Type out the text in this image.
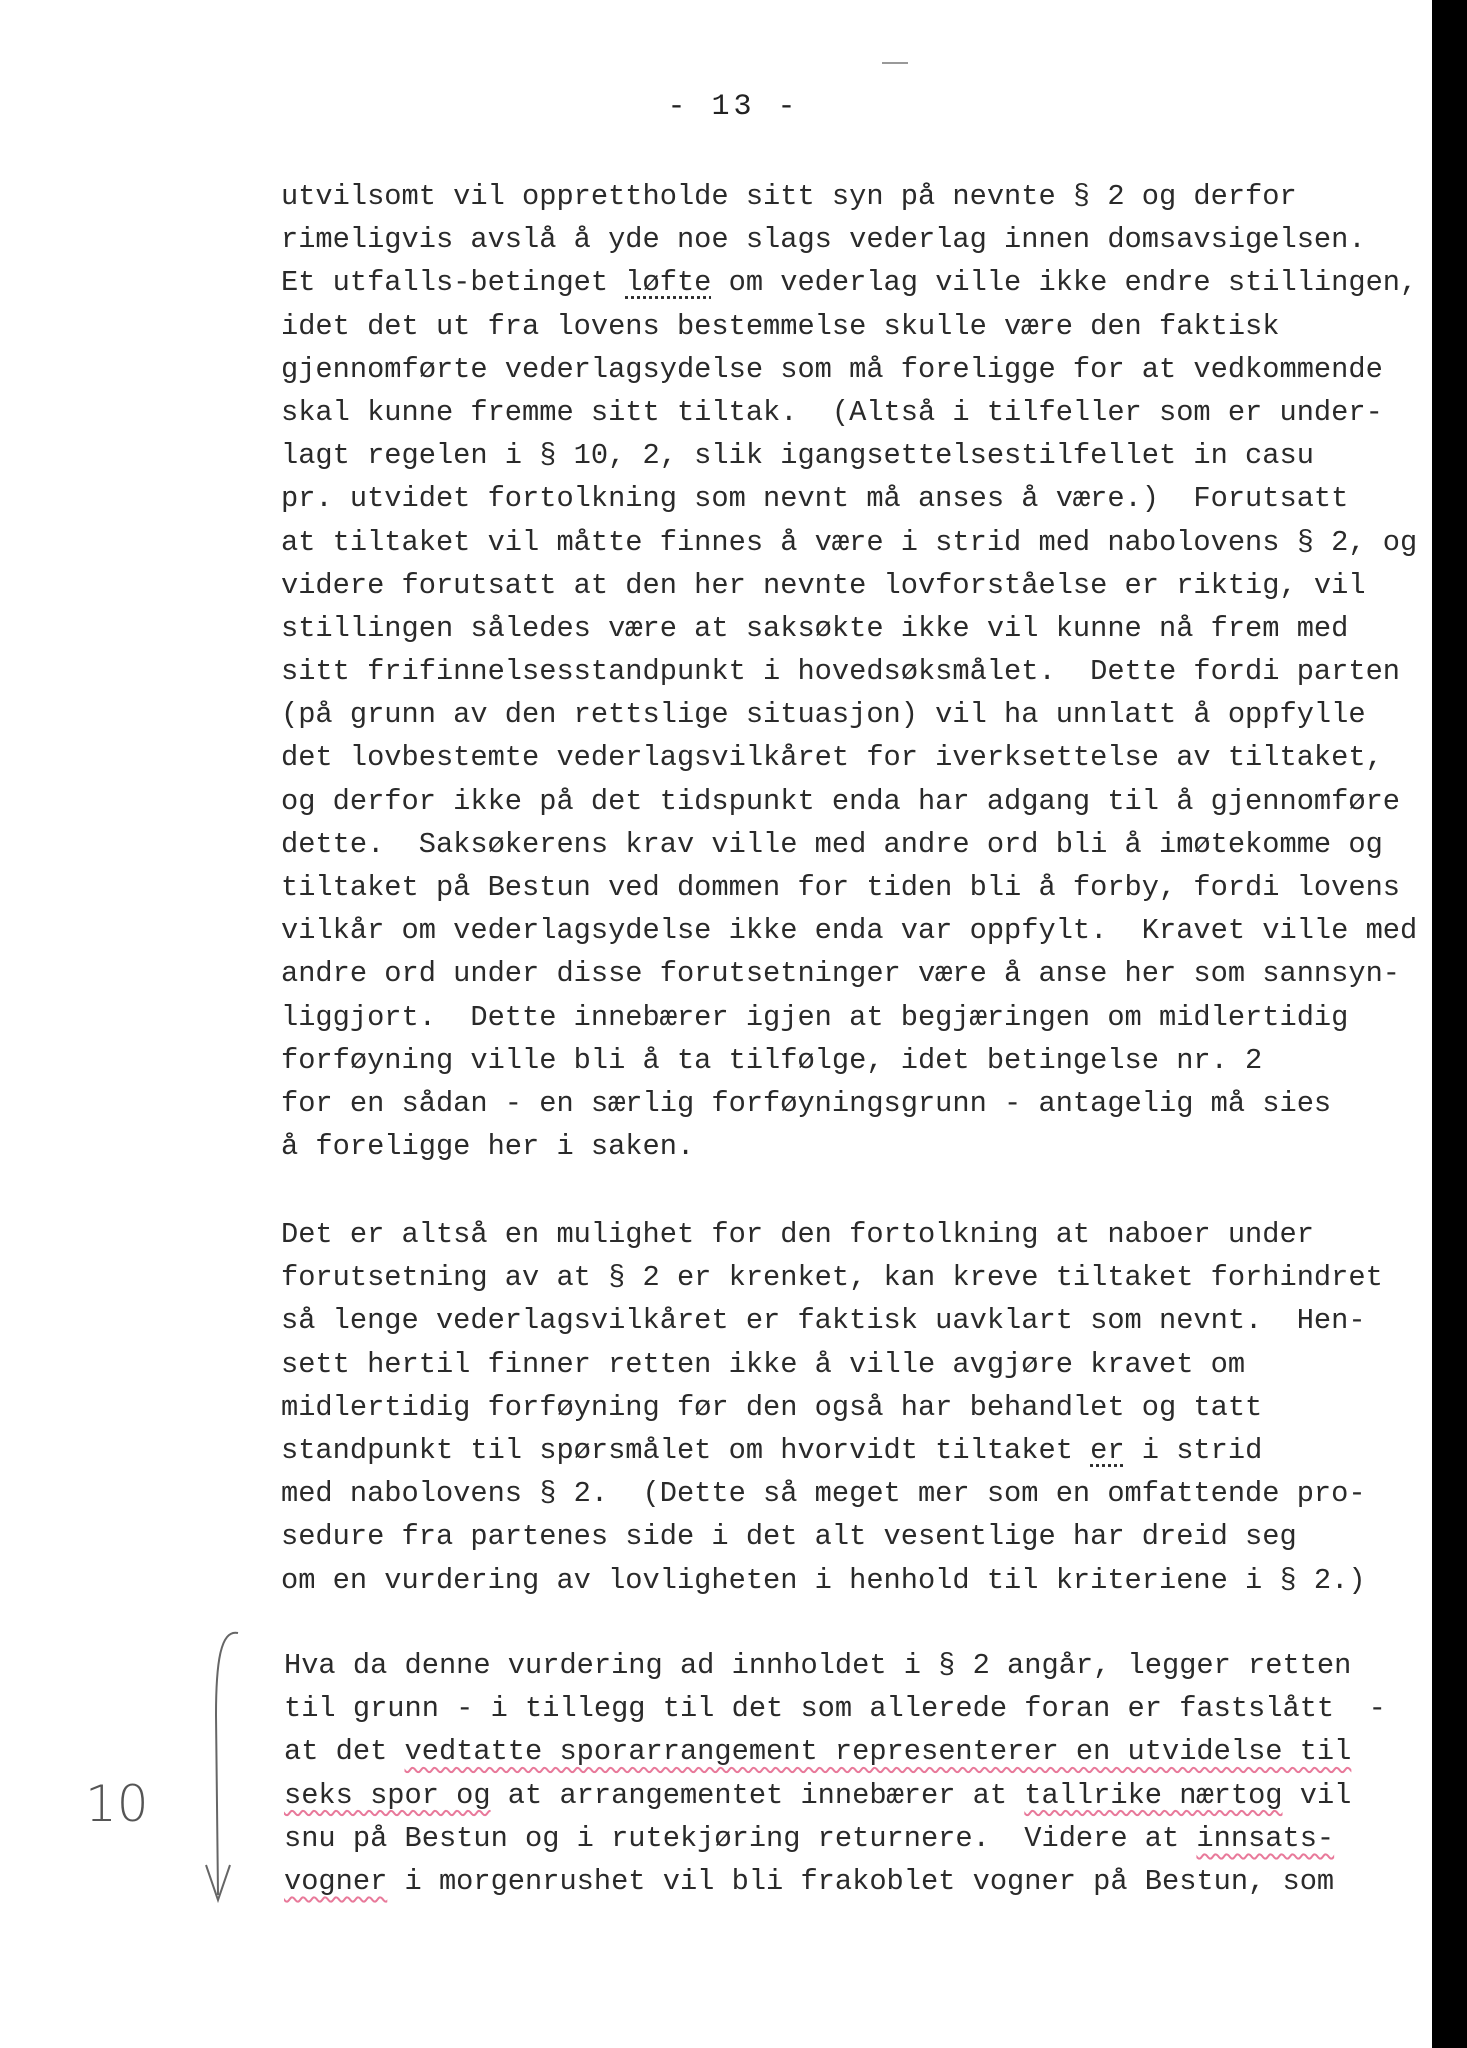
- 13 -
utvilsomt vil opprettholde sitt syn på nevnte § 2 og derfor
rimeligvis avslå å yde noe slags vederlag innen domsavsigelsen.
Et utfalls-betinget løfte om vederlag ville ikke endre stillingen,
idet det ut fra lovens bestemmelse skulle være den faktisk
gjennomførte vederlagsydelse som må foreligge for at vedkommende
skal kunne fremme sitt tiltak.  (Altså i tilfeller som er under-
lagt regelen i § 10, 2, slik igangsettelsestilfellet in casu
pr. utvidet fortolkning som nevnt må anses å være.)  Forutsatt
at tiltaket vil måtte finnes å være i strid med nabolovens § 2, og
videre forutsatt at den her nevnte lovforståelse er riktig, vil
stillingen således være at saksøkte ikke vil kunne nå frem med
sitt frifinnelsesstandpunkt i hovedsøksmålet.  Dette fordi parten
(på grunn av den rettslige situasjon) vil ha unnlatt å oppfylle
det lovbestemte vederlagsvilkåret for iverksettelse av tiltaket,
og derfor ikke på det tidspunkt enda har adgang til å gjennomføre
dette.  Saksøkerens krav ville med andre ord bli å imøtekomme og
tiltaket på Bestun ved dommen for tiden bli å forby, fordi lovens
vilkår om vederlagsydelse ikke enda var oppfylt.  Kravet ville med
andre ord under disse forutsetninger være å anse her som sannsyn-
liggjort.  Dette innebærer igjen at begjæringen om midlertidig
forføyning ville bli å ta tilfølge, idet betingelse nr. 2
for en sådan - en særlig forføyningsgrunn - antagelig må sies
å foreligge her i saken.
Det er altså en mulighet for den fortolkning at naboer under
forutsetning av at § 2 er krenket, kan kreve tiltaket forhindret
så lenge vederlagsvilkåret er faktisk uavklart som nevnt.  Hen-
sett hertil finner retten ikke å ville avgjøre kravet om
midlertidig forføyning før den også har behandlet og tatt
standpunkt til spørsmålet om hvorvidt tiltaket er i strid
med nabolovens § 2.  (Dette så meget mer som en omfattende pro-
sedure fra partenes side i det alt vesentlige har dreid seg
om en vurdering av lovligheten i henhold til kriteriene i § 2.)
Hva da denne vurdering ad innholdet i § 2 angår, legger retten
til grunn - i tillegg til det som allerede foran er fastslått  -
at det vedtatte sporarrangement representerer en utvidelse til
seks spor og at arrangementet innebærer at tallrike nærtog vil
snu på Bestun og i rutekjøring returnere.  Videre at innsats-
vogner i morgenrushet vil bli frakoblet vogner på Bestun, som
10
